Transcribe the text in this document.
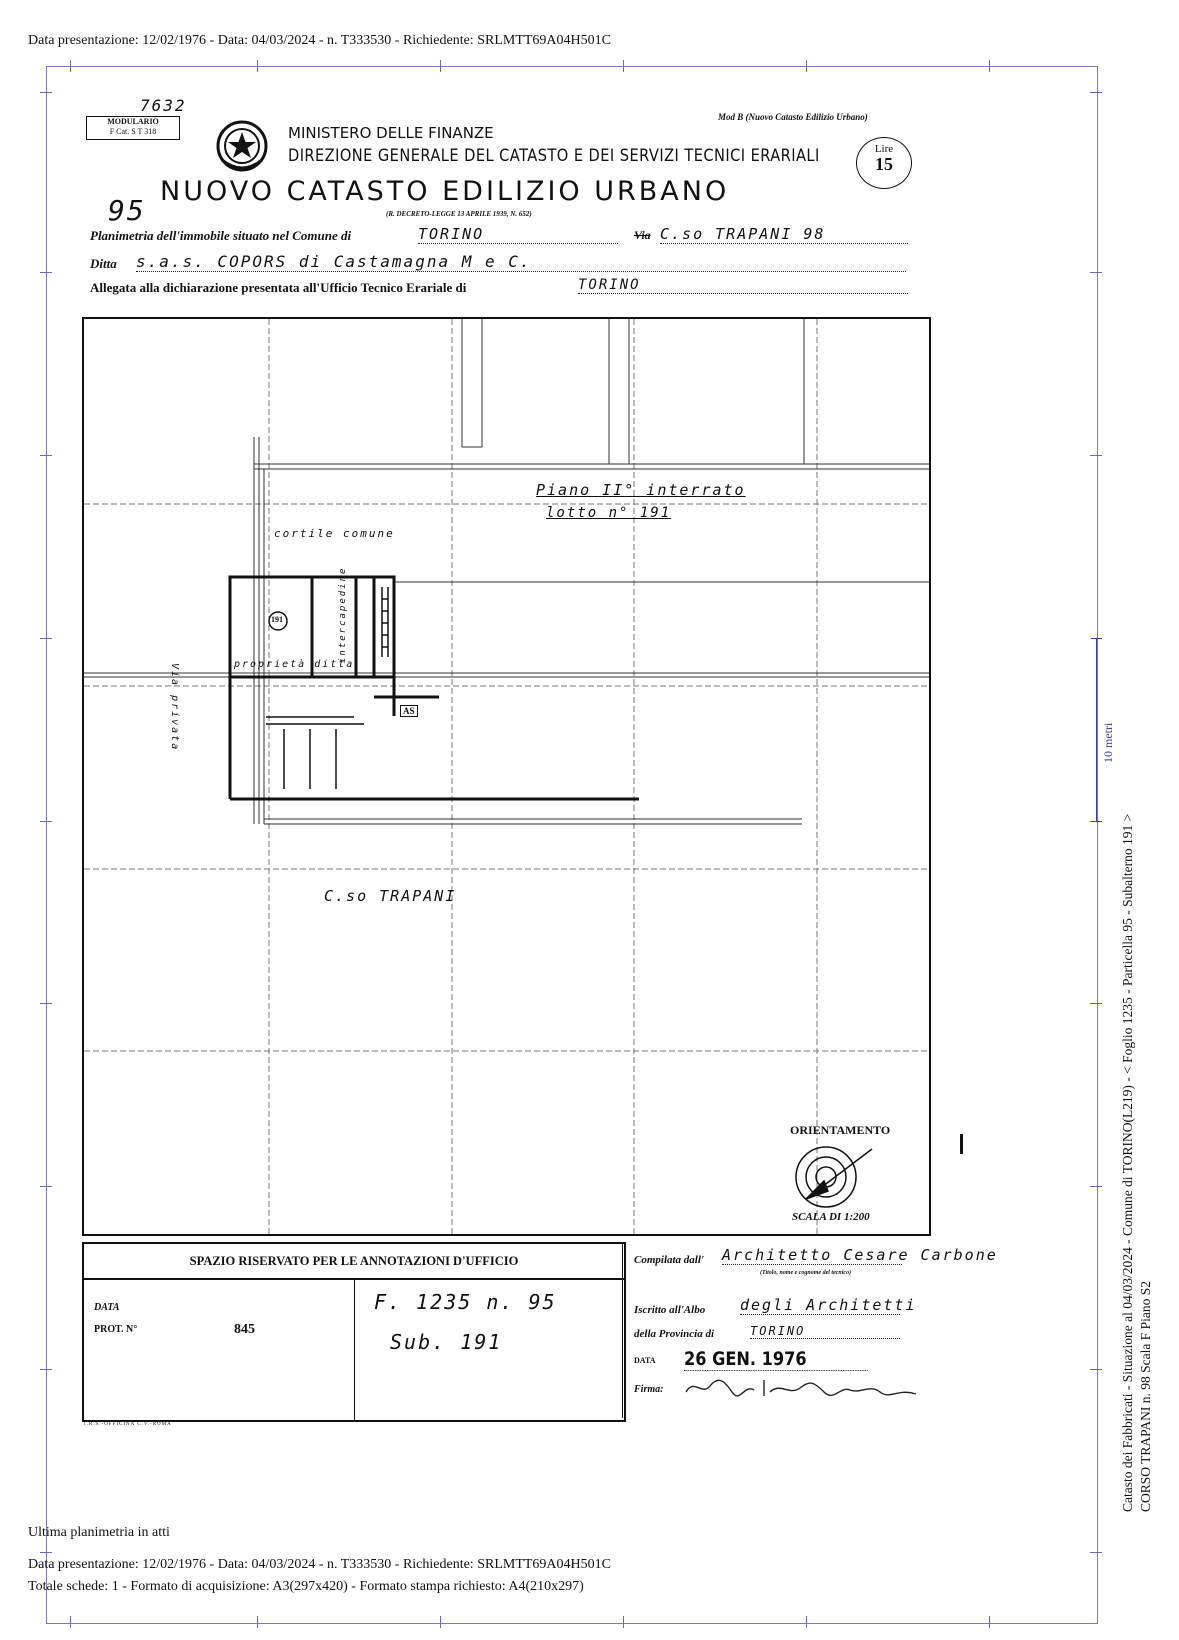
Data presentazione: 12/02/1976 - Data: 04/03/2024 - n. T333530 - Richiedente: SRLMTT69A04H501C
MODULARIO
F Cat. S T 318
7632
Mod B (Nuovo Catasto Edilizio Urbano)
MINISTERO DELLE FINANZE
DIREZIONE GENERALE DEL CATASTO E DEI SERVIZI TECNICI ERARIALI	Lire
15
NUOVO CATASTO EDILIZIO URBANO
95	(R. DECRETO-LEGGE 13 APRILE 1939, N. 652)
Planimetria dell'immobile situato nel Comune di	TORINO	Via C.so TRAPANI 98
Ditta s.a.s. COPORS di Castamagna M e C.
Allegata alla dichiarazione presentata all'Ufficio Tecnico Erariale di	TORINO
Piano II° interrato
lotto n° 191
cortile comune
Via privata
intercapedine
191
proprietà ditta
AS
C.so TRAPANI
ORIENTAMENTO
SCALA DI 1:200
SPAZIO RISERVATO PER LE ANNOTAZIONI D'UFFICIO
DATA
PROT. N°	845
F. 1235 n. 95
Sub. 191
I.R.S.-OFFICINA C.V.-ROMA
Compilata dall' Architetto Cesare Carbone
(Titolo, nome e cognome del tecnico)
Iscritto all'Albo degli Architetti
della Provincia di	TORINO
DATA 26 GEN. 1976
Firma:
10 metri
Catasto dei Fabbricati - Situazione al 04/03/2024 - Comune di TORINO(L219) - < Foglio 1235 - Particella 95 - Subalterno 191 > CORSO TRAPANI n. 98 Scala F Piano S2
Ultima planimetria in atti
Data presentazione: 12/02/1976 - Data: 04/03/2024 - n. T333530 - Richiedente: SRLMTT69A04H501C
Totale schede: 1 - Formato di acquisizione: A3(297x420) - Formato stampa richiesto: A4(210x297)
